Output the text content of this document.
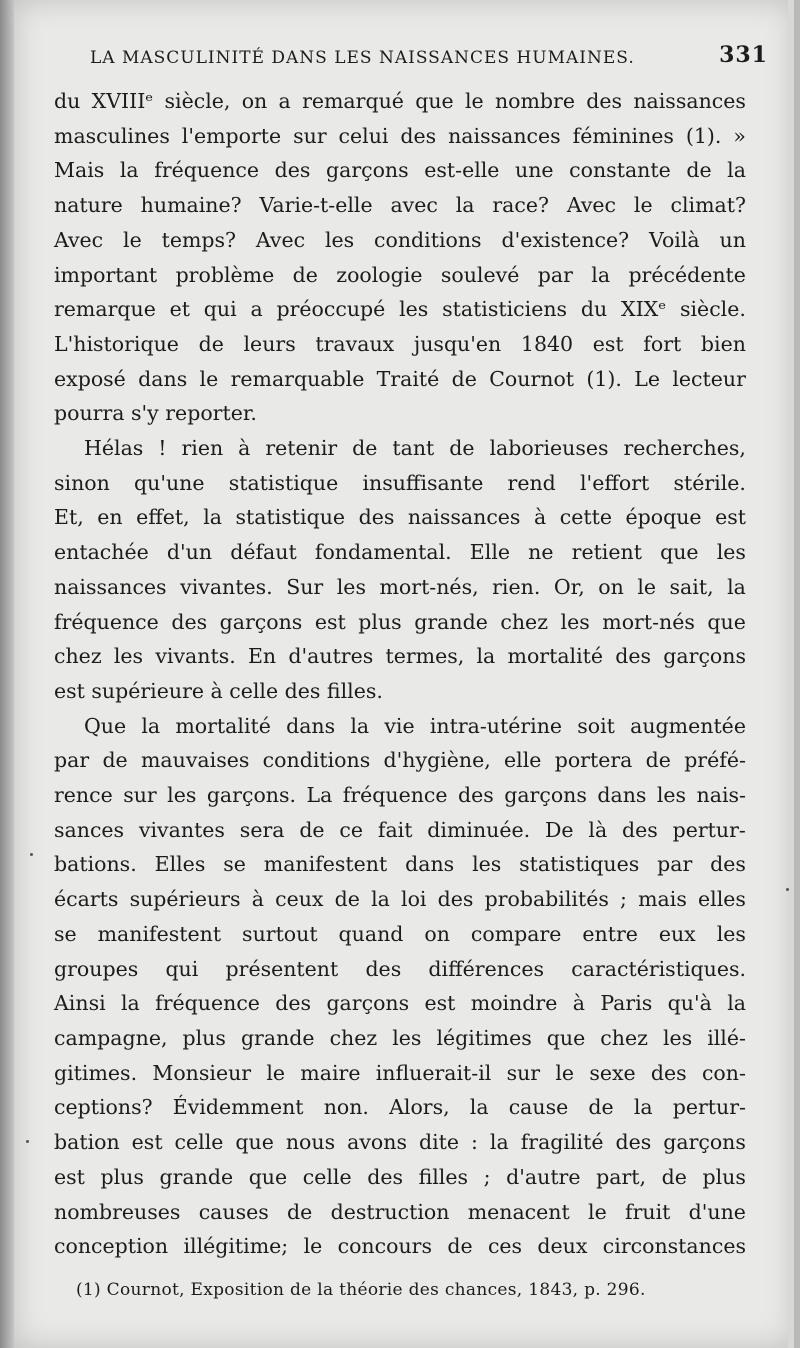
LA MASCULINITÉ DANS LES NAISSANCES HUMAINES.	331
du XVIIIᵉ siècle, on a remarqué que le nombre des naissances
masculines l'emporte sur celui des naissances féminines (1). »
Mais la fréquence des garçons est-elle une constante de la
nature humaine? Varie-t-elle avec la race? Avec le climat?
Avec le temps? Avec les conditions d'existence? Voilà un
important problème de zoologie soulevé par la précédente
remarque et qui a préoccupé les statisticiens du XIXᵉ siècle.
L'historique de leurs travaux jusqu'en 1840 est fort bien
exposé dans le remarquable Traité de Cournot (1). Le lecteur
pourra s'y reporter.
Hélas ! rien à retenir de tant de laborieuses recherches,
sinon qu'une statistique insuffisante rend l'effort stérile.
Et, en effet, la statistique des naissances à cette époque est
entachée d'un défaut fondamental. Elle ne retient que les
naissances vivantes. Sur les mort-nés, rien. Or, on le sait, la
fréquence des garçons est plus grande chez les mort-nés que
chez les vivants. En d'autres termes, la mortalité des garçons
est supérieure à celle des filles.
Que la mortalité dans la vie intra-utérine soit augmentée
par de mauvaises conditions d'hygiène, elle portera de préfé-
rence sur les garçons. La fréquence des garçons dans les nais-
sances vivantes sera de ce fait diminuée. De là des pertur-
bations. Elles se manifestent dans les statistiques par des
écarts supérieurs à ceux de la loi des probabilités ; mais elles
se manifestent surtout quand on compare entre eux les
groupes qui présentent des différences caractéristiques.
Ainsi la fréquence des garçons est moindre à Paris qu'à la
campagne, plus grande chez les légitimes que chez les illé-
gitimes. Monsieur le maire influerait-il sur le sexe des con-
ceptions? Évidemment non. Alors, la cause de la pertur-
bation est celle que nous avons dite : la fragilité des garçons
est plus grande que celle des filles ; d'autre part, de plus
nombreuses causes de destruction menacent le fruit d'une
conception illégitime; le concours de ces deux circonstances
(1) Cournot, Exposition de la théorie des chances, 1843, p. 296.
